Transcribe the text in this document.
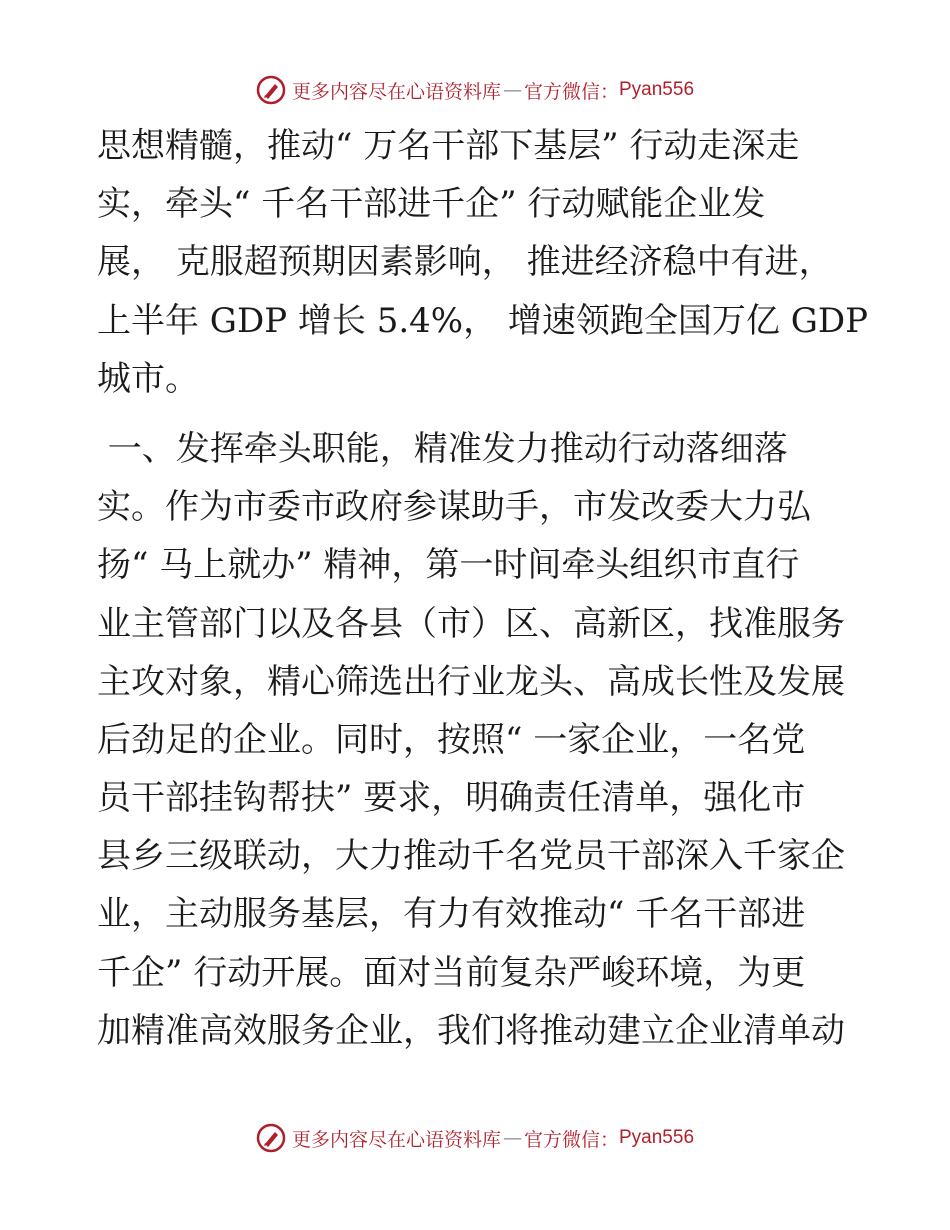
更多内容尽在心语资料库 — 官方微信： Pyan556
思想精髓，推动“ 万名干部下基层” 行动走深走
实，牵头“ 千名干部进千企” 行动赋能企业发
展， 克服超预期因素影响， 推进经济稳中有进，
上半年 GDP 增长 5.4%， 增速领跑全国万亿 GDP
城市。
一、发挥牵头职能，精准发力推动行动落细落
实。作为市委市政府参谋助手，市发改委大力弘
扬“ 马上就办” 精神，第一时间牵头组织市直行
业主管部门以及各县（市）区、高新区，找准服务
主攻对象，精心筛选出行业龙头、高成长性及发展
后劲足的企业。同时，按照“ 一家企业，一名党
员干部挂钩帮扶” 要求，明确责任清单，强化市
县乡三级联动，大力推动千名党员干部深入千家企
业，主动服务基层，有力有效推动“ 千名干部进
千企” 行动开展。面对当前复杂严峻环境，为更
加精准高效服务企业，我们将推动建立企业清单动
更多内容尽在心语资料库 — 官方微信： Pyan556
